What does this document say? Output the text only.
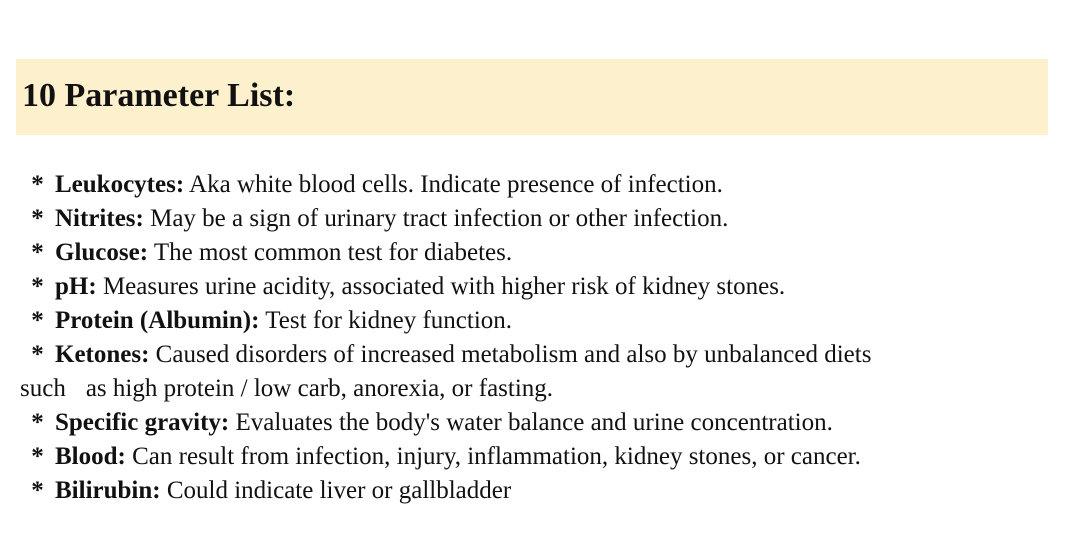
10 Parameter List:
* Leukocytes: Aka white blood cells. Indicate presence of infection.
* Nitrites: May be a sign of urinary tract infection or other infection.
* Glucose: The most common test for diabetes.
* pH: Measures urine acidity, associated with higher risk of kidney stones.
* Protein (Albumin): Test for kidney function.
* Ketones: Caused disorders of increased metabolism and also by unbalanced diets
such as high protein / low carb, anorexia, or fasting.
* Specific gravity: Evaluates the body's water balance and urine concentration.
* Blood: Can result from infection, injury, inflammation, kidney stones, or cancer.
* Bilirubin: Could indicate liver or gallbladder
